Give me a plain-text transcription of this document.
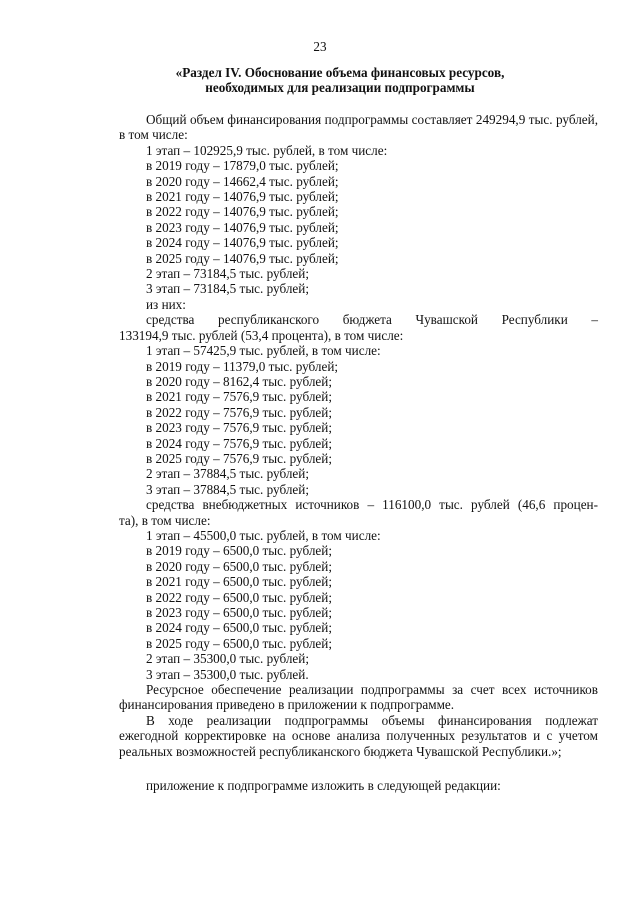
23
«Раздел IV. Обоснование объема финансовых ресурсов,
необходимых для реализации подпрограммы

Общий объем финансирования подпрограммы составляет 249294,9 тыс. рублей, в том числе:

1 этап – 102925,9 тыс. рублей, в том числе:
в 2019 году – 17879,0 тыс. рублей;
в 2020 году – 14662,4 тыс. рублей;
в 2021 году – 14076,9 тыс. рублей;
в 2022 году – 14076,9 тыс. рублей;
в 2023 году – 14076,9 тыс. рублей;
в 2024 году – 14076,9 тыс. рублей;
в 2025 году – 14076,9 тыс. рублей;
2 этап – 73184,5 тыс. рублей;
3 этап – 73184,5 тыс. рублей;
из них:

средства республиканского бюджета Чувашской Республики –

133194,9 тыс. рублей (53,4 процента), в том числе:

1 этап – 57425,9 тыс. рублей, в том числе:
в 2019 году – 11379,0 тыс. рублей;
в 2020 году – 8162,4 тыс. рублей;
в 2021 году – 7576,9 тыс. рублей;
в 2022 году – 7576,9 тыс. рублей;
в 2023 году – 7576,9 тыс. рублей;
в 2024 году – 7576,9 тыс. рублей;
в 2025 году – 7576,9 тыс. рублей;
2 этап – 37884,5 тыс. рублей;
3 этап – 37884,5 тыс. рублей;

средства внебюджетных источников – 116100,0 тыс. рублей (46,6 процен-

та), в том числе:

1 этап – 45500,0 тыс. рублей, в том числе:
в 2019 году – 6500,0 тыс. рублей;
в 2020 году – 6500,0 тыс. рублей;
в 2021 году – 6500,0 тыс. рублей;
в 2022 году – 6500,0 тыс. рублей;
в 2023 году – 6500,0 тыс. рублей;
в 2024 году – 6500,0 тыс. рублей;
в 2025 году – 6500,0 тыс. рублей;
2 этап – 35300,0 тыс. рублей;
3 этап – 35300,0 тыс. рублей.

Ресурсное обеспечение реализации подпрограммы за счет всех источников финансирования приведено в приложении к подпрограмме.

В ходе реализации подпрограммы объемы финансирования подлежат ежегодной корректировке на основе анализа полученных результатов и с учетом реальных возможностей республиканского бюджета Чувашской Республики.»;

приложение к подпрограмме изложить в следующей редакции:
